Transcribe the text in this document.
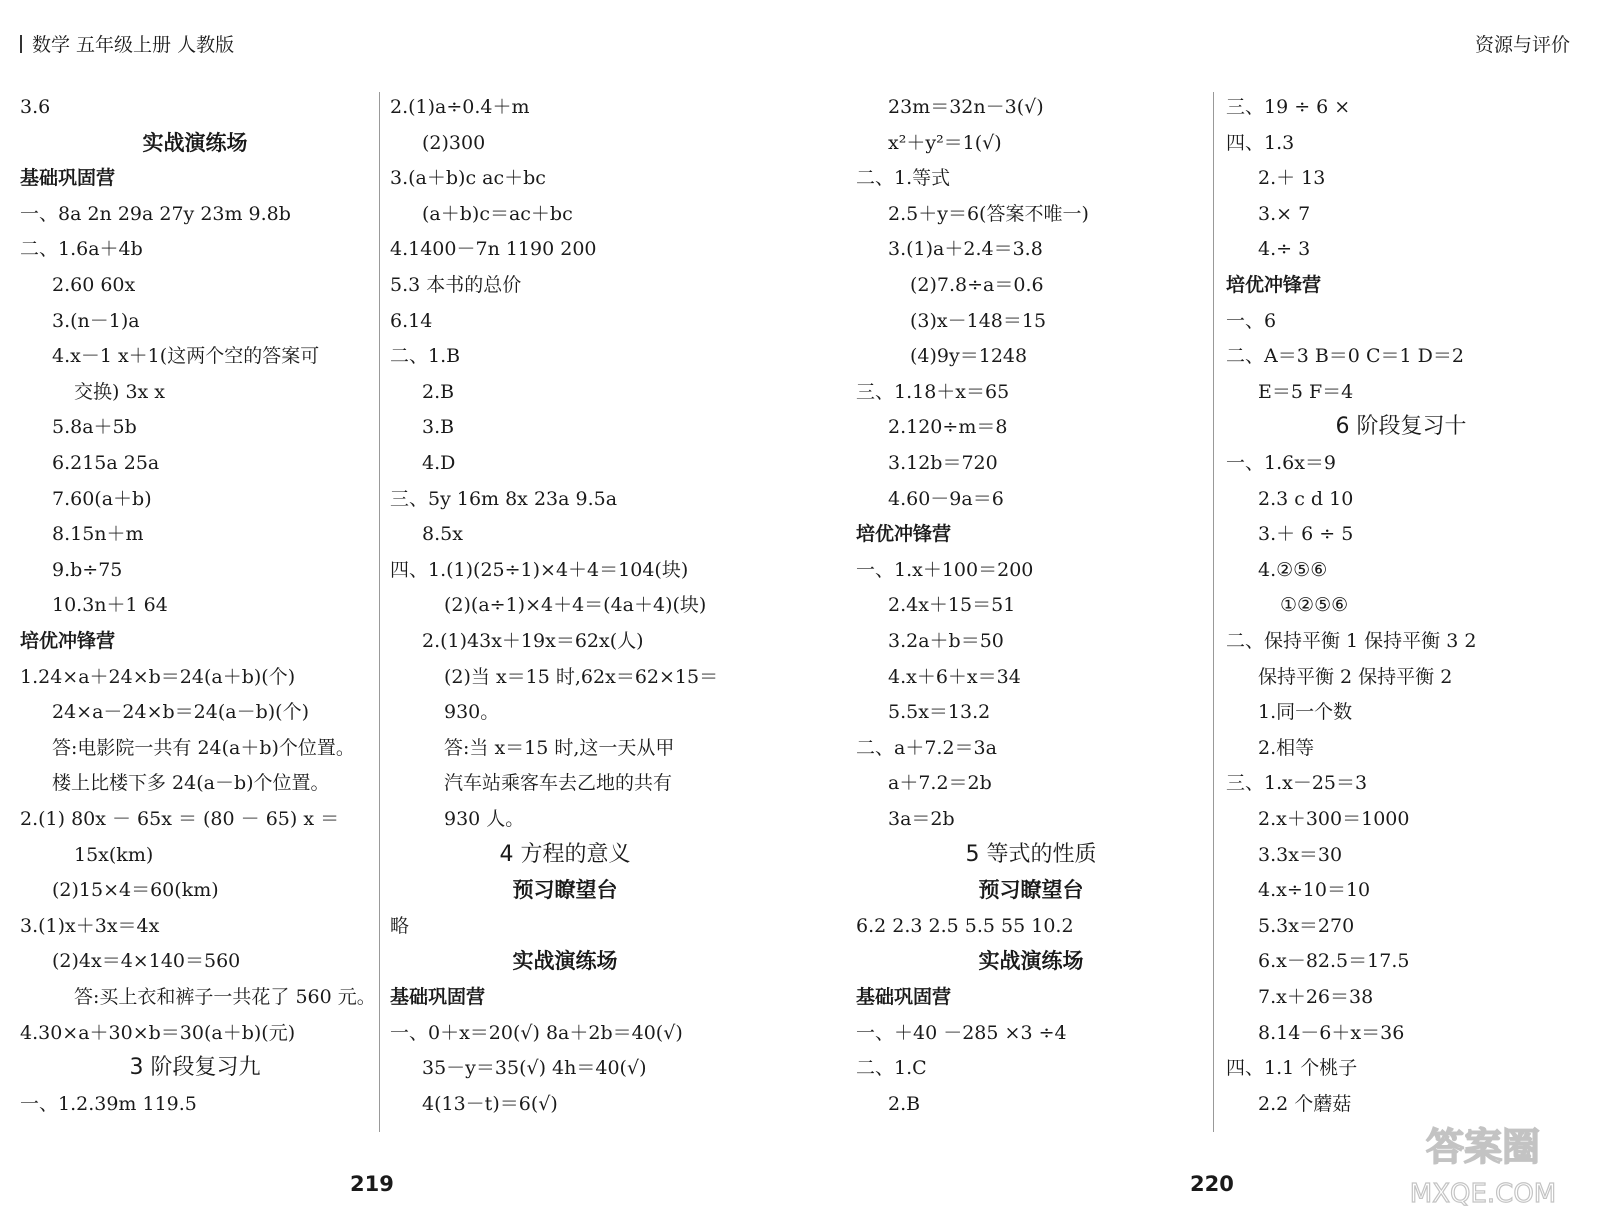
数学 五年级上册 人教版	资源与评价
3.6
实战演练场
基础巩固营
一、8a 2n 29a 27y 23m 9.8b
二、1.6a＋4b
2.60 60x
3.(n－1)a
4.x－1 x＋1(这两个空的答案可
交换) 3x x
5.8a＋5b
6.215a 25a
7.60(a＋b)
8.15n＋m
9.b÷75
10.3n＋1 64
培优冲锋营
1.24×a＋24×b＝24(a＋b)(个)
24×a－24×b＝24(a－b)(个)
答:电影院一共有 24(a＋b)个位置。
楼上比楼下多 24(a－b)个位置。
2.(1) 80x － 65x ＝ (80 － 65) x ＝
15x(km)
(2)15×4＝60(km)
3.(1)x＋3x＝4x
(2)4x＝4×140＝560
答:买上衣和裤子一共花了 560 元。
4.30×a＋30×b＝30(a＋b)(元)
3 阶段复习九
一、1.2.39m 119.5
2.(1)a÷0.4＋m
(2)300
3.(a＋b)c ac＋bc
(a＋b)c＝ac＋bc
4.1400－7n 1190 200
5.3 本书的总价
6.14
二、1.B
2.B
3.B
4.D
三、5y 16m 8x 23a 9.5a
8.5x
四、1.(1)(25÷1)×4＋4＝104(块)
(2)(a÷1)×4＋4＝(4a＋4)(块)
2.(1)43x＋19x＝62x(人)
(2)当 x＝15 时,62x＝62×15＝
930。
答:当 x＝15 时,这一天从甲
汽车站乘客车去乙地的共有
930 人。
4 方程的意义
预习瞭望台
略
实战演练场
基础巩固营
一、0＋x＝20(√) 8a＋2b＝40(√)
35－y＝35(√) 4h＝40(√)
4(13－t)＝6(√)
23m＝32n－3(√)
x²＋y²＝1(√)
二、1.等式
2.5＋y＝6(答案不唯一)
3.(1)a＋2.4＝3.8
(2)7.8÷a＝0.6
(3)x－148＝15
(4)9y＝1248
三、1.18＋x＝65
2.120÷m＝8
3.12b＝720
4.60－9a＝6
培优冲锋营
一、1.x＋100＝200
2.4x＋15＝51
3.2a＋b＝50
4.x＋6＋x＝34
5.5x＝13.2
二、a＋7.2＝3a
a＋7.2＝2b
3a＝2b
5 等式的性质
预习瞭望台
6.2 2.3 2.5 5.5 55 10.2
实战演练场
基础巩固营
一、＋40 －285 ×3 ÷4
二、1.C
2.B
三、19 ÷ 6 ×
四、1.3
2.＋ 13
3.× 7
4.÷ 3
培优冲锋营
一、6
二、A＝3 B＝0 C＝1 D＝2
E＝5 F＝4
6 阶段复习十
一、1.6x＝9
2.3 c d 10
3.＋ 6 ÷ 5
4.②⑤⑥
①②⑤⑥
二、保持平衡 1 保持平衡 3 2
保持平衡 2 保持平衡 2
1.同一个数
2.相等
三、1.x－25＝3
2.x＋300＝1000
3.3x＝30
4.x÷10＝10
5.3x＝270
6.x－82.5＝17.5
7.x＋26＝38
8.14－6＋x＝36
四、1.1 个桃子
2.2 个蘑菇
219	220
答案圈
MXQE.COM
